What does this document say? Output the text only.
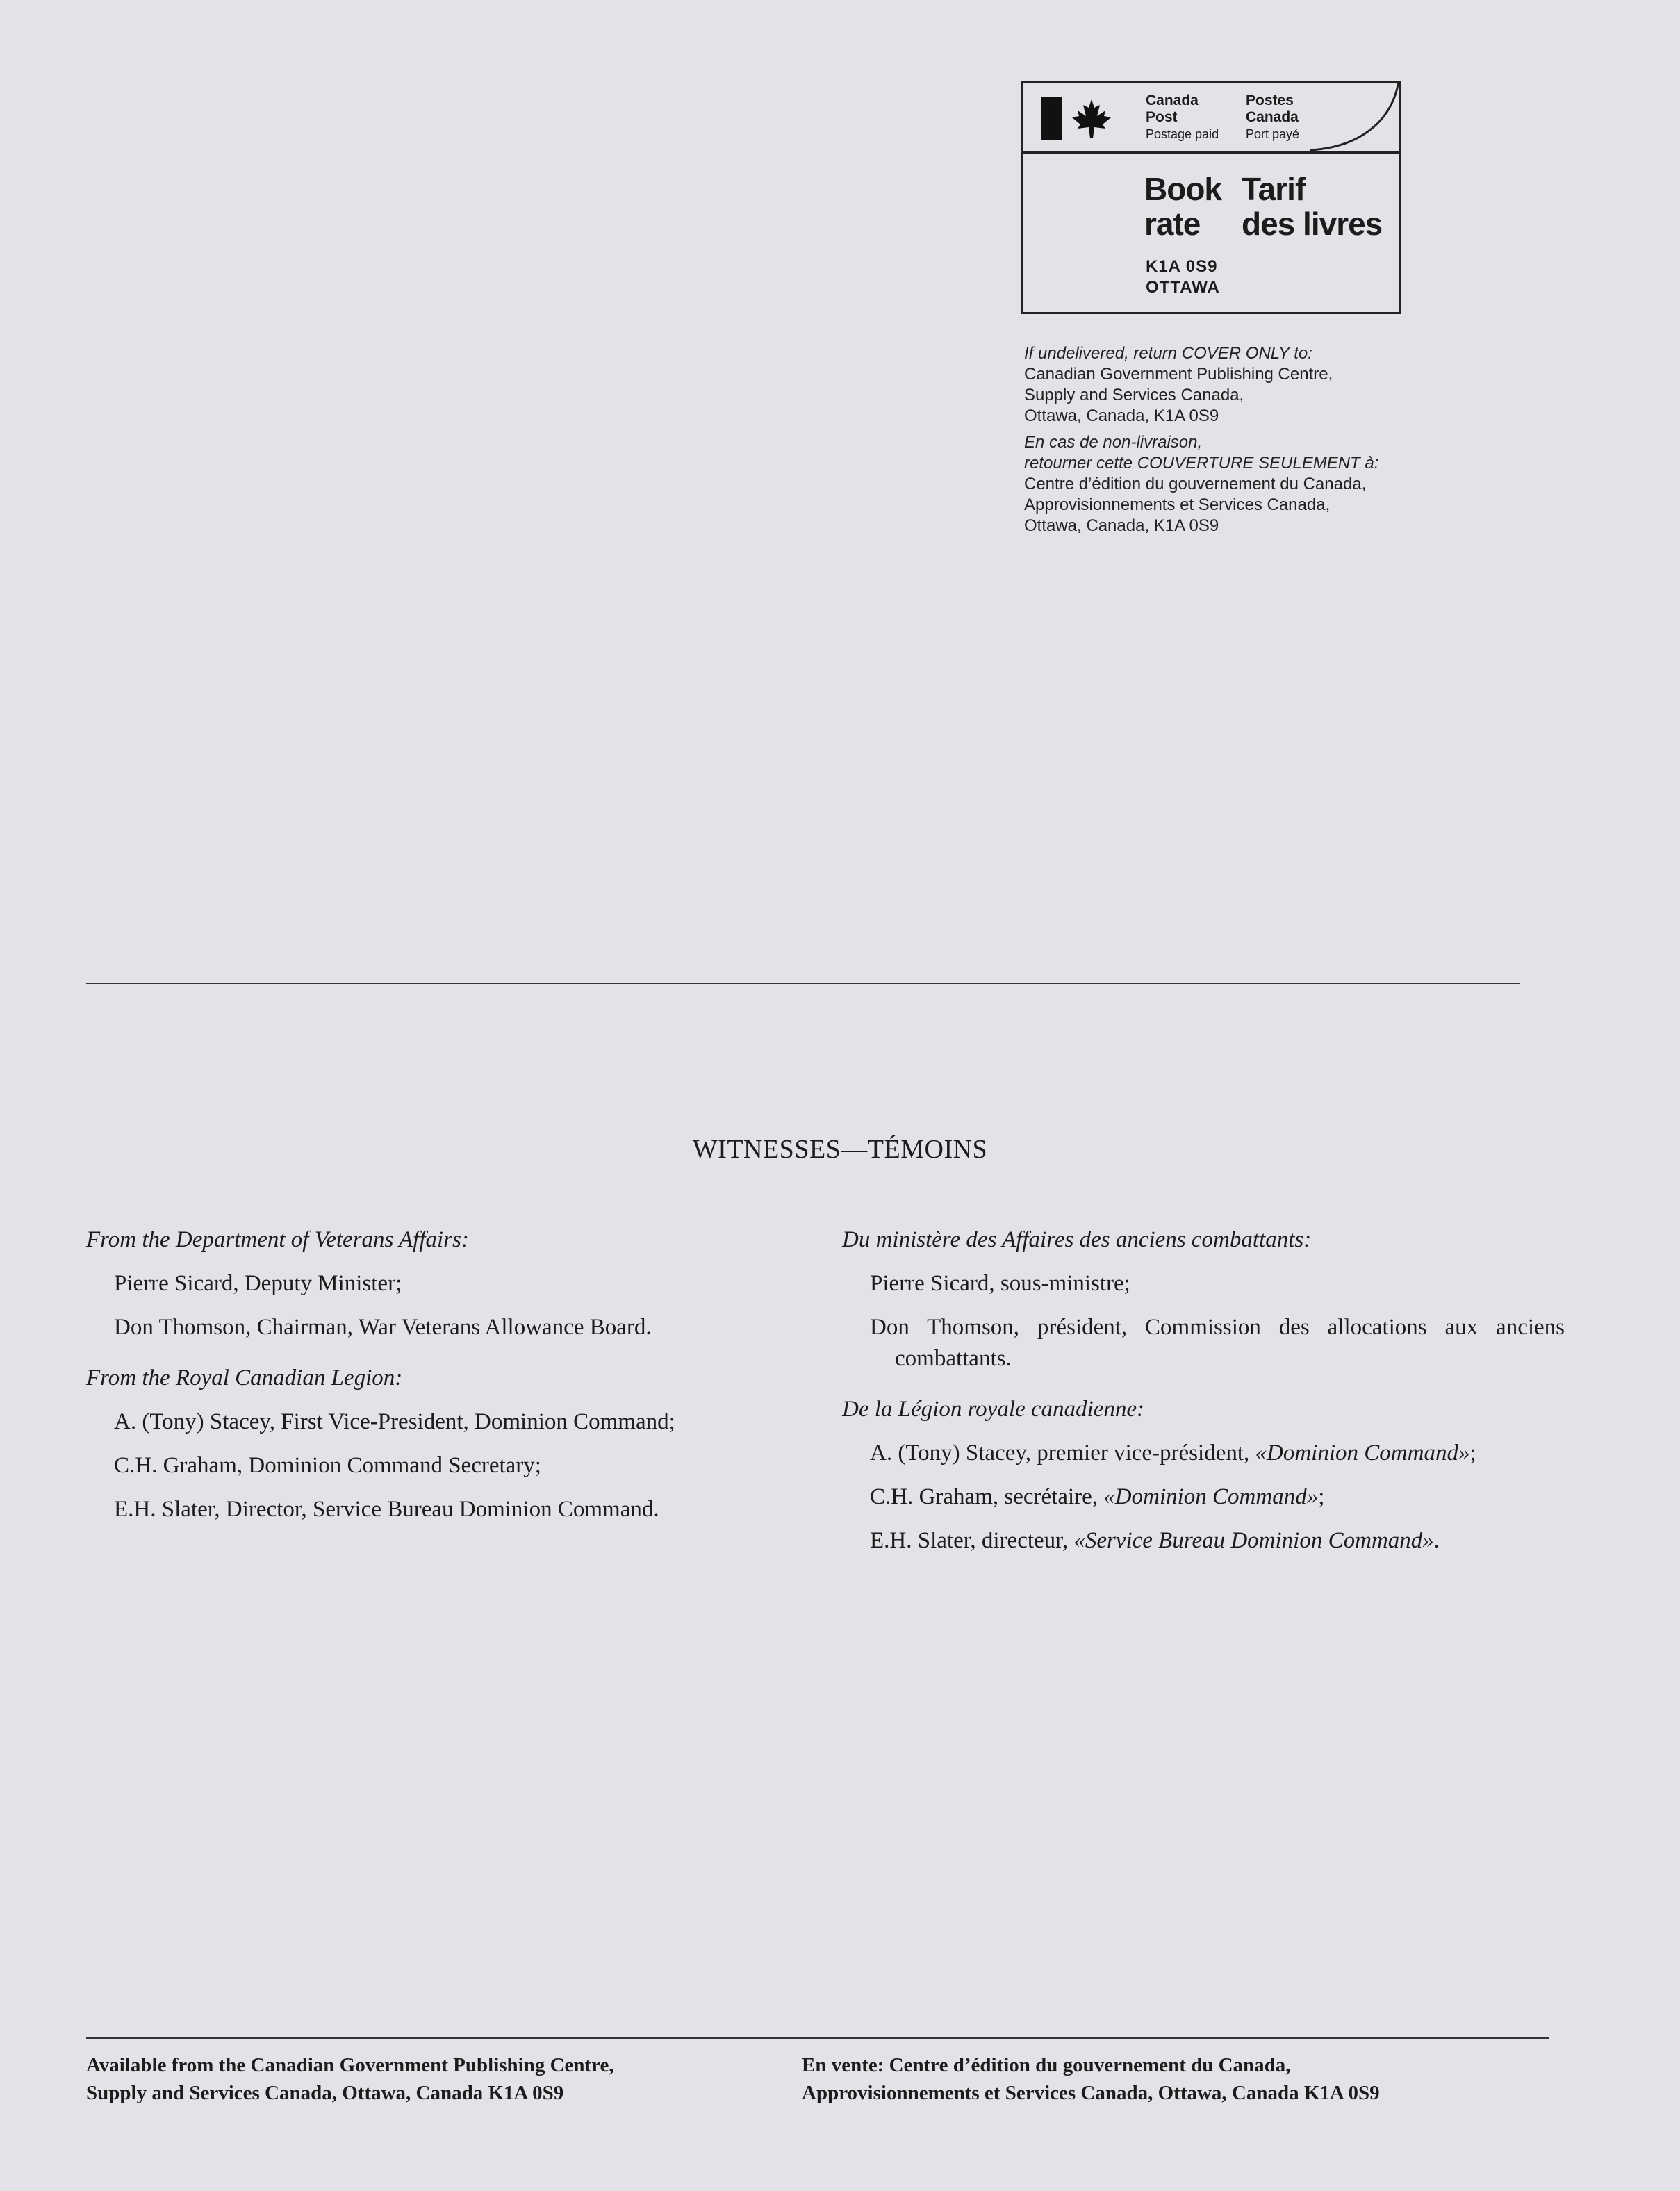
Canada
Post
Postage paid
Postes
Canada
Port payé
Book Tarif
rate des livres
K1A 0S9
OTTAWA

If undelivered, return COVER ONLY to:

Canadian Government Publishing Centre,

Supply and Services Canada,

Ottawa, Canada, K1A 0S9

En cas de non-livraison,

retourner cette COUVERTURE SEULEMENT à:

Centre d’édition du gouvernement du Canada,

Approvisionnements et Services Canada,

Ottawa, Canada, K1A 0S9

WITNESSES—TÉMOINS
From the Department of Veterans Affairs:
Pierre Sicard, Deputy Minister;
Don Thomson, Chairman, War Veterans Allowance Board.
From the Royal Canadian Legion:
A. (Tony) Stacey, First Vice-President, Dominion Command;
C.H. Graham, Dominion Command Secretary;
E.H. Slater, Director, Service Bureau Dominion Command.
Du ministère des Affaires des anciens combattants:
Pierre Sicard, sous-ministre;
Don Thomson, président, Commission des allocations aux anciens combattants.
De la Légion royale canadienne:
A. (Tony) Stacey, premier vice-président, «Dominion Command»;
C.H. Graham, secrétaire, «Dominion Command»;
E.H. Slater, directeur, «Service Bureau Dominion Command».

Available from the Canadian Government Publishing Centre,

Supply and Services Canada, Ottawa, Canada K1A 0S9

En vente: Centre d’édition du gouvernement du Canada,

Approvisionnements et Services Canada, Ottawa, Canada K1A 0S9
